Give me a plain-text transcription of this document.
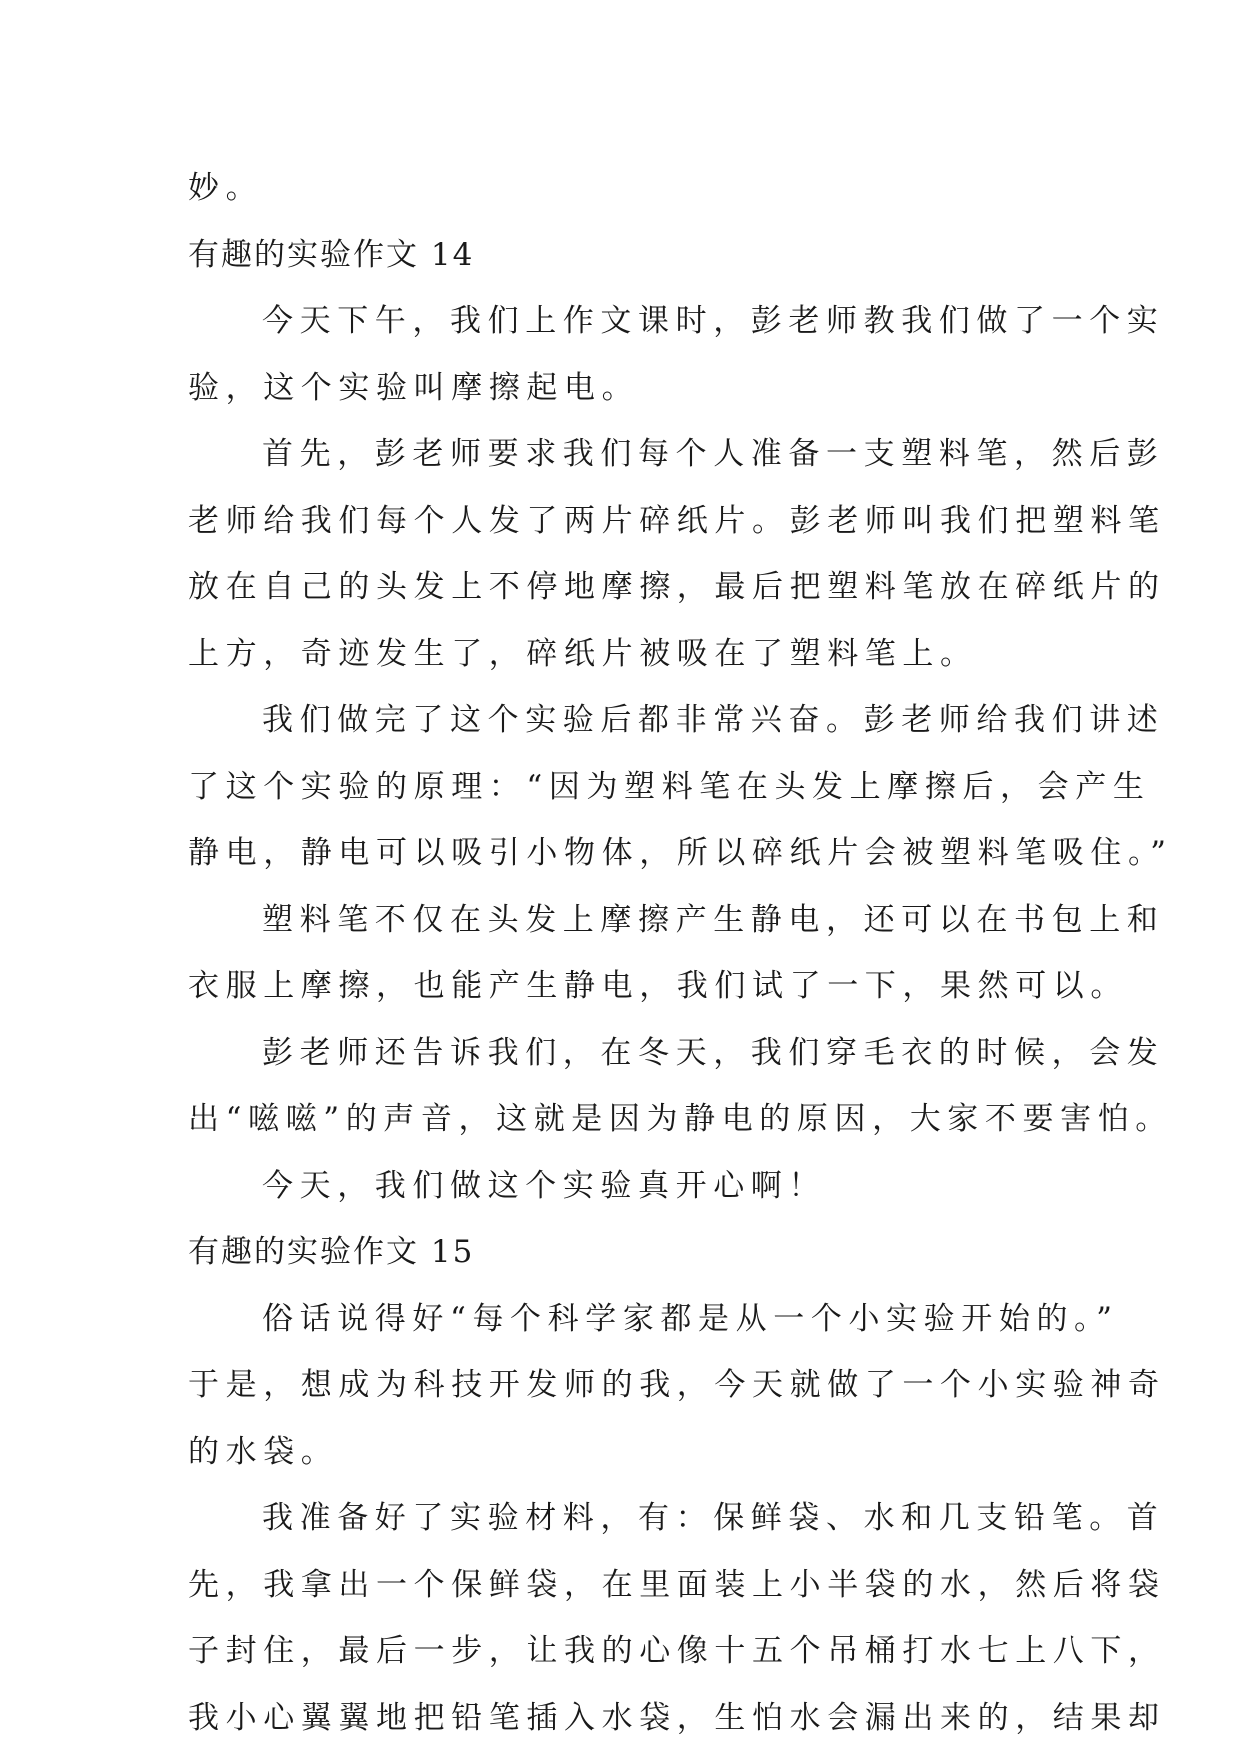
妙。
有趣的实验作文 14
今天下午，我们上作文课时，彭老师教我们做了一个实
验，这个实验叫摩擦起电。
首先，彭老师要求我们每个人准备一支塑料笔，然后彭
老师给我们每个人发了两片碎纸片。彭老师叫我们把塑料笔
放在自己的头发上不停地摩擦，最后把塑料笔放在碎纸片的
上方，奇迹发生了，碎纸片被吸在了塑料笔上。
我们做完了这个实验后都非常兴奋。彭老师给我们讲述
了这个实验的原理：“因为塑料笔在头发上摩擦后，会产生
静电，静电可以吸引小物体，所以碎纸片会被塑料笔吸住。”
塑料笔不仅在头发上摩擦产生静电，还可以在书包上和
衣服上摩擦，也能产生静电，我们试了一下，果然可以。
彭老师还告诉我们，在冬天，我们穿毛衣的时候，会发
出“嗞嗞”的声音，这就是因为静电的原因，大家不要害怕。
今天，我们做这个实验真开心啊！
有趣的实验作文 15
俗话说得好“每个科学家都是从一个小实验开始的。”
于是，想成为科技开发师的我，今天就做了一个小实验神奇
的水袋。
我准备好了实验材料，有：保鲜袋、水和几支铅笔。首
先，我拿出一个保鲜袋，在里面装上小半袋的水，然后将袋
子封住，最后一步，让我的心像十五个吊桶打水七上八下，
我小心翼翼地把铅笔插入水袋，生怕水会漏出来的，结果却
